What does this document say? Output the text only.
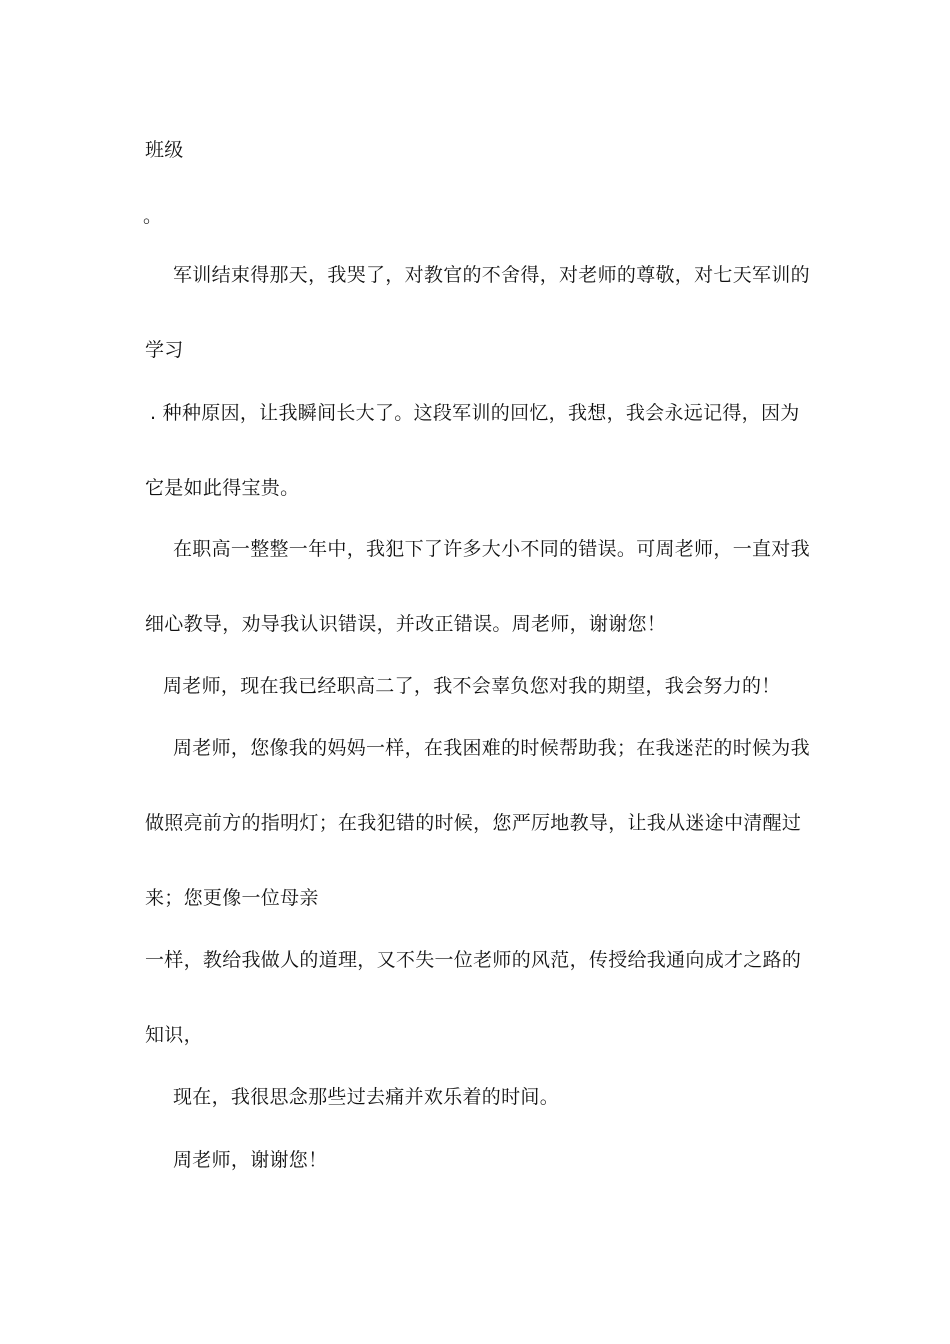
班级
。
军训结束得那天，我哭了，对教官的不舍得，对老师的尊敬，对七天军训的
学习
. 种种原因，让我瞬间长大了。这段军训的回忆，我想，我会永远记得，因为
它是如此得宝贵。
在职高一整整一年中，我犯下了许多大小不同的错误。可周老师，一直对我
细心教导，劝导我认识错误，并改正错误。周老师，谢谢您！
周老师，现在我已经职高二了，我不会辜负您对我的期望，我会努力的！
周老师，您像我的妈妈一样，在我困难的时候帮助我；在我迷茫的时候为我
做照亮前方的指明灯；在我犯错的时候，您严厉地教导，让我从迷途中清醒过
来；您更像一位母亲
一样，教给我做人的道理，又不失一位老师的风范，传授给我通向成才之路的
知识，
现在，我很思念那些过去痛并欢乐着的时间。
周老师，谢谢您！
